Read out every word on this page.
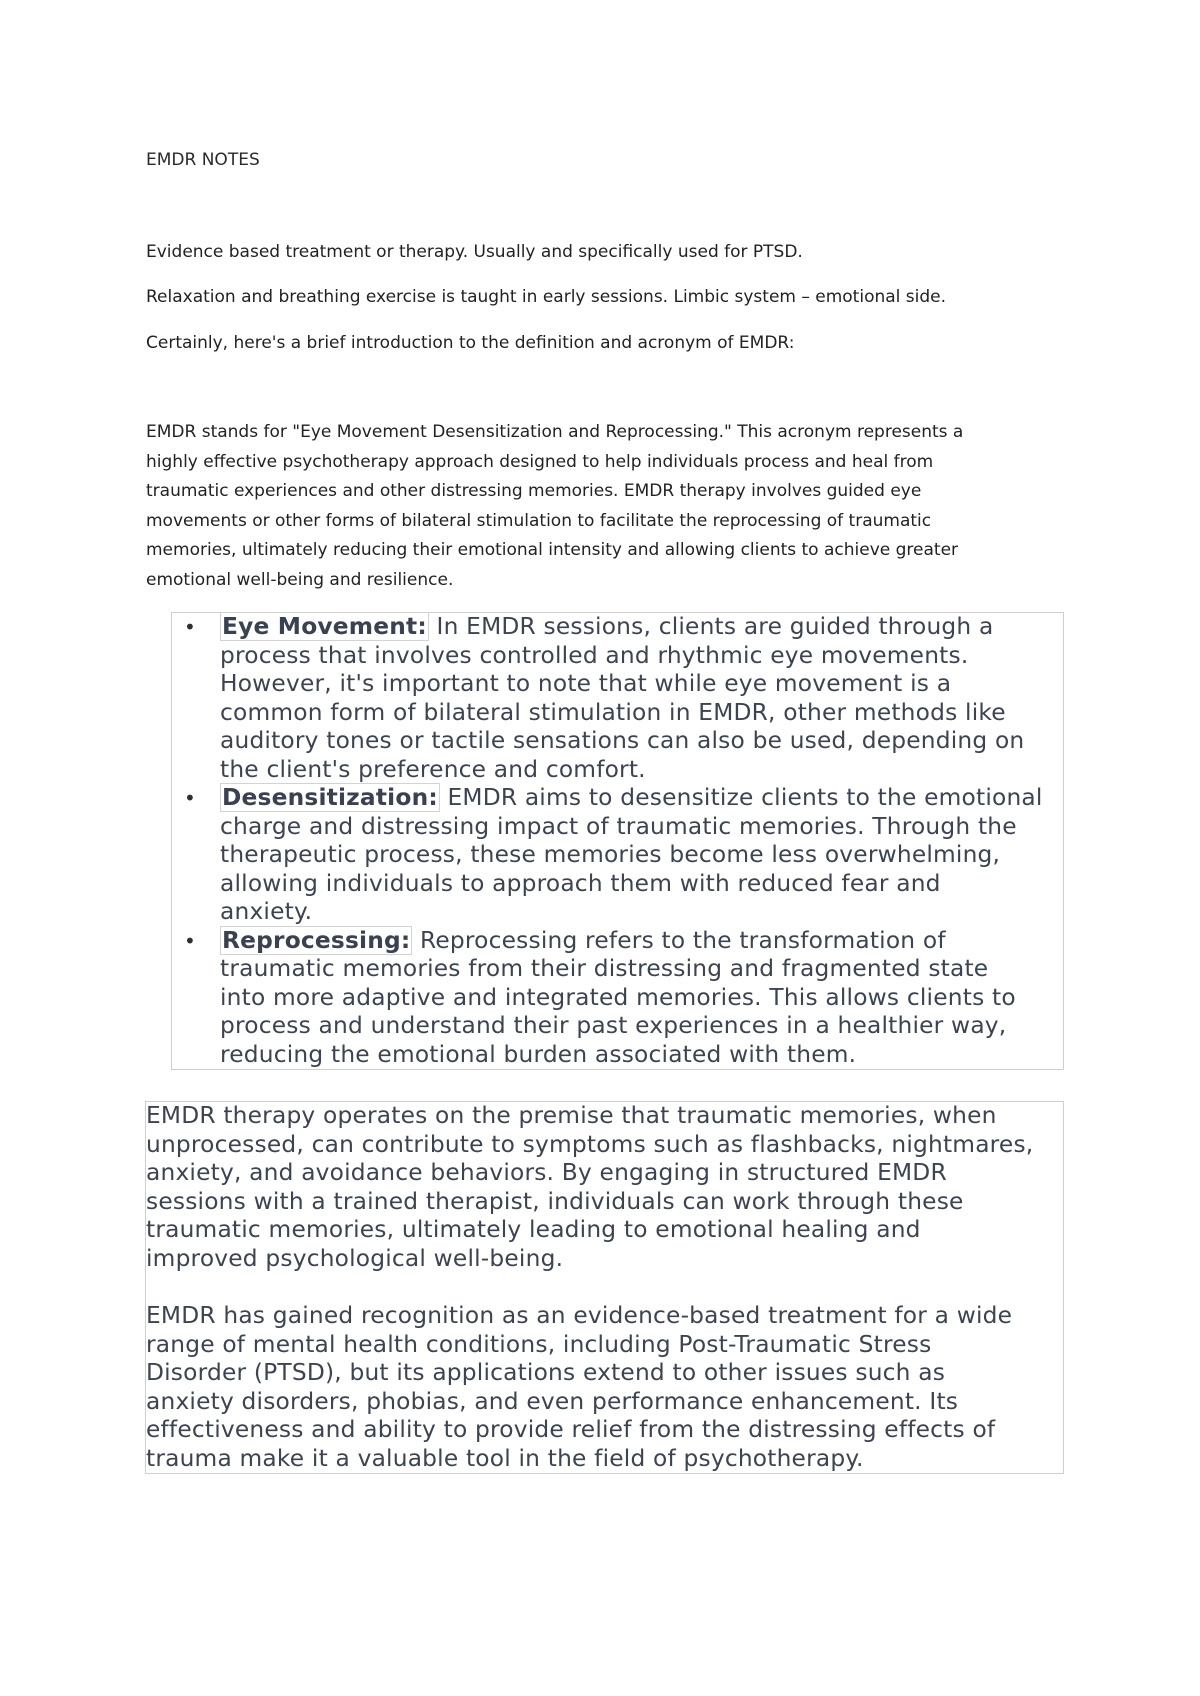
EMDR NOTES

Evidence based treatment or therapy. Usually and specifically used for PTSD.

Relaxation and breathing exercise is taught in early sessions. Limbic system – emotional side.

Certainly, here's a brief introduction to the definition and acronym of EMDR:

EMDR stands for "Eye Movement Desensitization and Reprocessing." This acronym represents a
highly effective psychotherapy approach designed to help individuals process and heal from
traumatic experiences and other distressing memories. EMDR therapy involves guided eye
movements or other forms of bilateral stimulation to facilitate the reprocessing of traumatic
memories, ultimately reducing their emotional intensity and allowing clients to achieve greater
emotional well-being and resilience.
• Eye Movement: In EMDR sessions, clients are guided through a
process that involves controlled and rhythmic eye movements.
However, it's important to note that while eye movement is a
common form of bilateral stimulation in EMDR, other methods like
auditory tones or tactile sensations can also be used, depending on
the client's preference and comfort.
• Desensitization: EMDR aims to desensitize clients to the emotional
charge and distressing impact of traumatic memories. Through the
therapeutic process, these memories become less overwhelming,
allowing individuals to approach them with reduced fear and
anxiety.
• Reprocessing: Reprocessing refers to the transformation of
traumatic memories from their distressing and fragmented state
into more adaptive and integrated memories. This allows clients to
process and understand their past experiences in a healthier way,
reducing the emotional burden associated with them.

EMDR therapy operates on the premise that traumatic memories, when

unprocessed, can contribute to symptoms such as flashbacks, nightmares,

anxiety, and avoidance behaviors. By engaging in structured EMDR

sessions with a trained therapist, individuals can work through these

traumatic memories, ultimately leading to emotional healing and

improved psychological well-being.

EMDR has gained recognition as an evidence-based treatment for a wide

range of mental health conditions, including Post-Traumatic Stress

Disorder (PTSD), but its applications extend to other issues such as

anxiety disorders, phobias, and even performance enhancement. Its

effectiveness and ability to provide relief from the distressing effects of

trauma make it a valuable tool in the field of psychotherapy.
